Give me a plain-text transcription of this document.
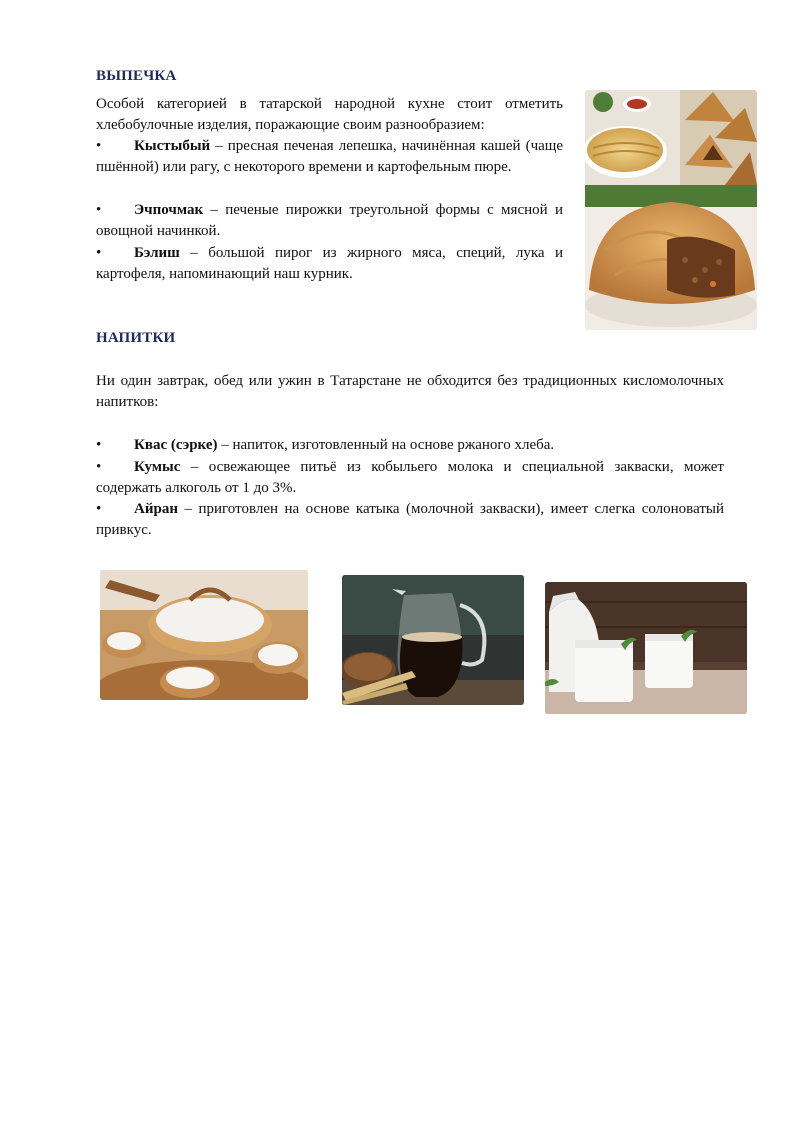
ВЫПЕЧКА
Особой категорией в татарской народной кухне стоит отметить хлебобулочные изделия, поражающие своим разнообразием:
• Кыстыбый – пресная печеная лепешка, начинённая кашей (чаще пшённой) или рагу, с некоторого времени и картофельным пюре.
• Эчпочмак – печеные пирожки треугольной формы с мясной и овощной начинкой.
• Бэлиш – большой пирог из жирного мяса, специй, лука и картофеля, напоминающий наш курник.
НАПИТКИ
Ни один завтрак, обед или ужин в Татарстане не обходится без традиционных кисломолочных напитков:
• Квас (сэрке) – напиток, изготовленный на основе ржаного хлеба.
• Кумыс – освежающее питьё из кобыльего молока и специальной закваски, может содержать алкоголь от 1 до 3%.
• Айран – приготовлен на основе катыка (молочной закваски), имеет слегка солоноватый привкус.
